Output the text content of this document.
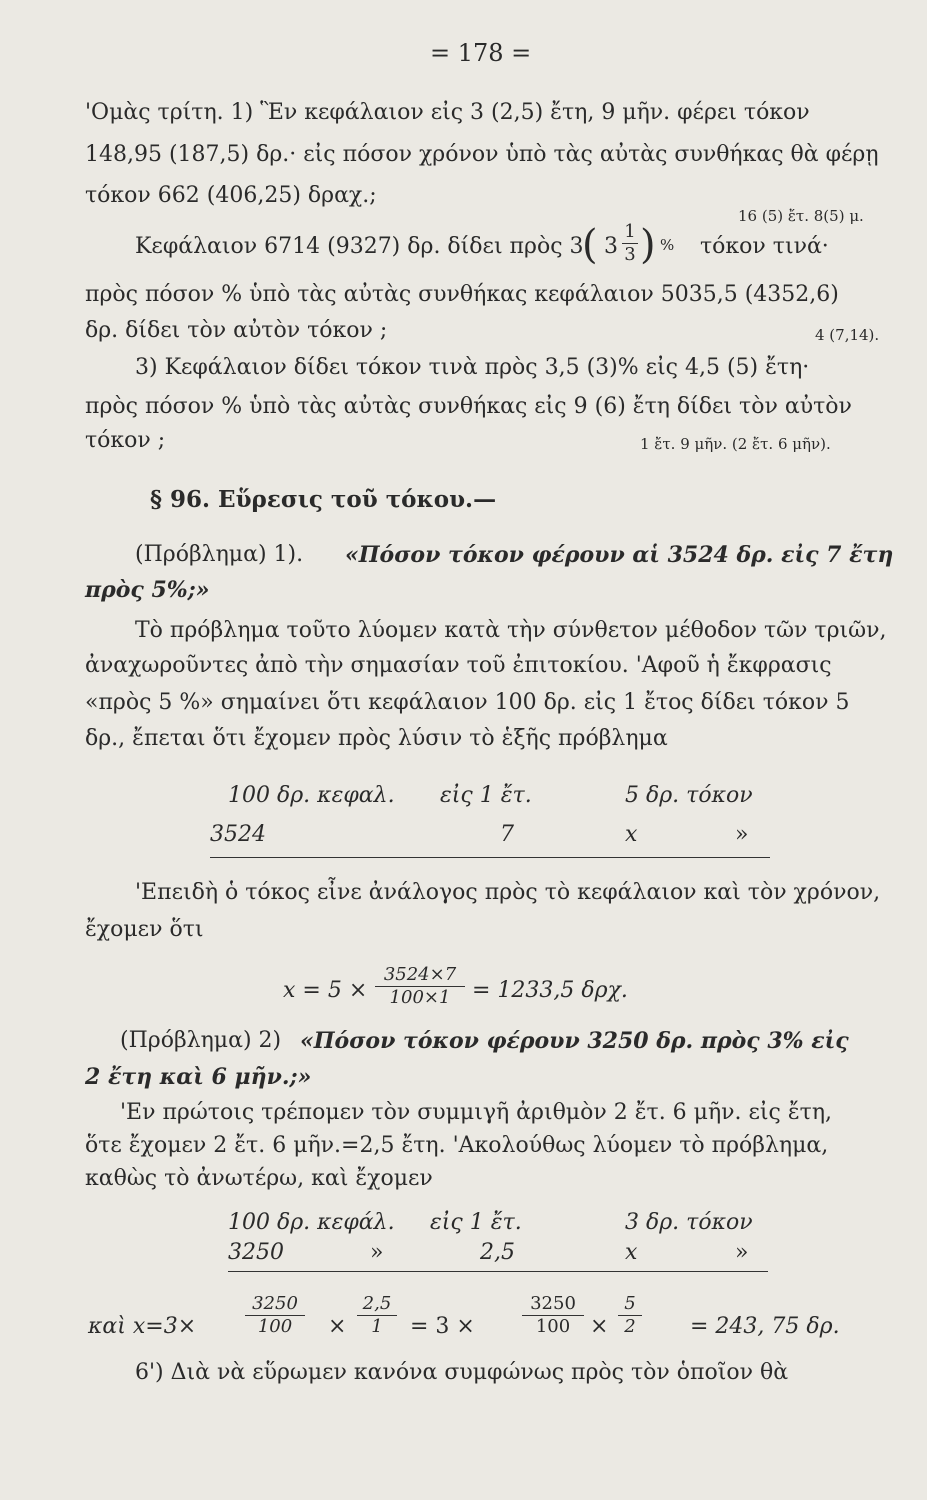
= 178 =
'Ομὰς τρίτη. 1) Ἓν κεφάλαιον εἰς 3 (2,5) ἔτη, 9 μῆν. φέρει τόκον
148,95 (187,5) δρ.· εἰς πόσον χρόνον ὑπὸ τὰς αὐτὰς συνθήκας θὰ φέρῃ
τόκον 662 (406,25) δραχ.;
16 (5) ἔτ. 8(5) μ.
Κεφάλαιον 6714 (9327) δρ. δίδει πρὸς 3
( 3
1
3 ) % τόκον τινά·
πρὸς πόσον % ὑπὸ τὰς αὐτὰς συνθήκας κεφάλαιον 5035,5 (4352,6)
δρ. δίδει τὸν αὐτὸν τόκον ;	4 (7,14).
3) Κεφάλαιον δίδει τόκον τινὰ πρὸς 3,5 (3)% εἰς 4,5 (5) ἔτη·
πρὸς πόσον % ὑπὸ τὰς αὐτὰς συνθήκας εἰς 9 (6) ἔτη δίδει τὸν αὐτὸν
τόκον ;	1 ἔτ. 9 μῆν. (2 ἔτ. 6 μῆν).
§ 96. Εὕρεσις τοῦ τόκου.—
(Πρόβλημα) 1). «Πόσον τόκον φέρουν αἱ 3524 δρ. εἰς 7 ἔτη
πρὸς 5%;»
Τὸ πρόβλημα τοῦτο λύομεν κατὰ τὴν σύνθετον μέθοδον τῶν τριῶν,
ἀναχωροῦντες ἀπὸ τὴν σημασίαν τοῦ ἐπιτοκίου. 'Αφοῦ ἡ ἔκφρασις
«πρὸς 5 %» σημαίνει ὅτι κεφάλαιον 100 δρ. εἰς 1 ἔτος δίδει τόκον 5
δρ., ἔπεται ὅτι ἔχομεν πρὸς λύσιν τὸ ἑξῆς πρόβλημα
100 δρ. κεφαλ. εἰς 1 ἔτ.	5 δρ. τόκον
3524	7	x	»
'Επειδὴ ὁ τόκος εἶνε ἀνάλογος πρὸς τὸ κεφάλαιον καὶ τὸν χρόνον,
ἔχομεν ὅτι
x = 5 ×
3524×7
100×1 = 1233,5 δρχ.
(Πρόβλημα) 2) «Πόσον τόκον φέρουν 3250 δρ. πρὸς 3% εἰς
2 ἔτη καὶ 6 μῆν.;»
'Εν πρώτοις τρέπομεν τὸν συμμιγῆ ἀριθμὸν 2 ἔτ. 6 μῆν. εἰς ἔτη,
ὅτε ἔχομεν 2 ἔτ. 6 μῆν.=2,5 ἔτη. 'Ακολούθως λύομεν τὸ πρόβλημα,
καθὼς τὸ ἀνωτέρω, καὶ ἔχομεν
100 δρ. κεφάλ. εἰς 1 ἔτ.	3 δρ. τόκον
3250	»	2,5	x	»
καὶ x=3×
3250
100	×
2,5
1	= 3 ×
3250
100 ×
5
2 = 243, 75 δρ.
6') Διὰ νὰ εὕρωμεν κανόνα συμφώνως πρὸς τὸν ὁποῖον θὰ
